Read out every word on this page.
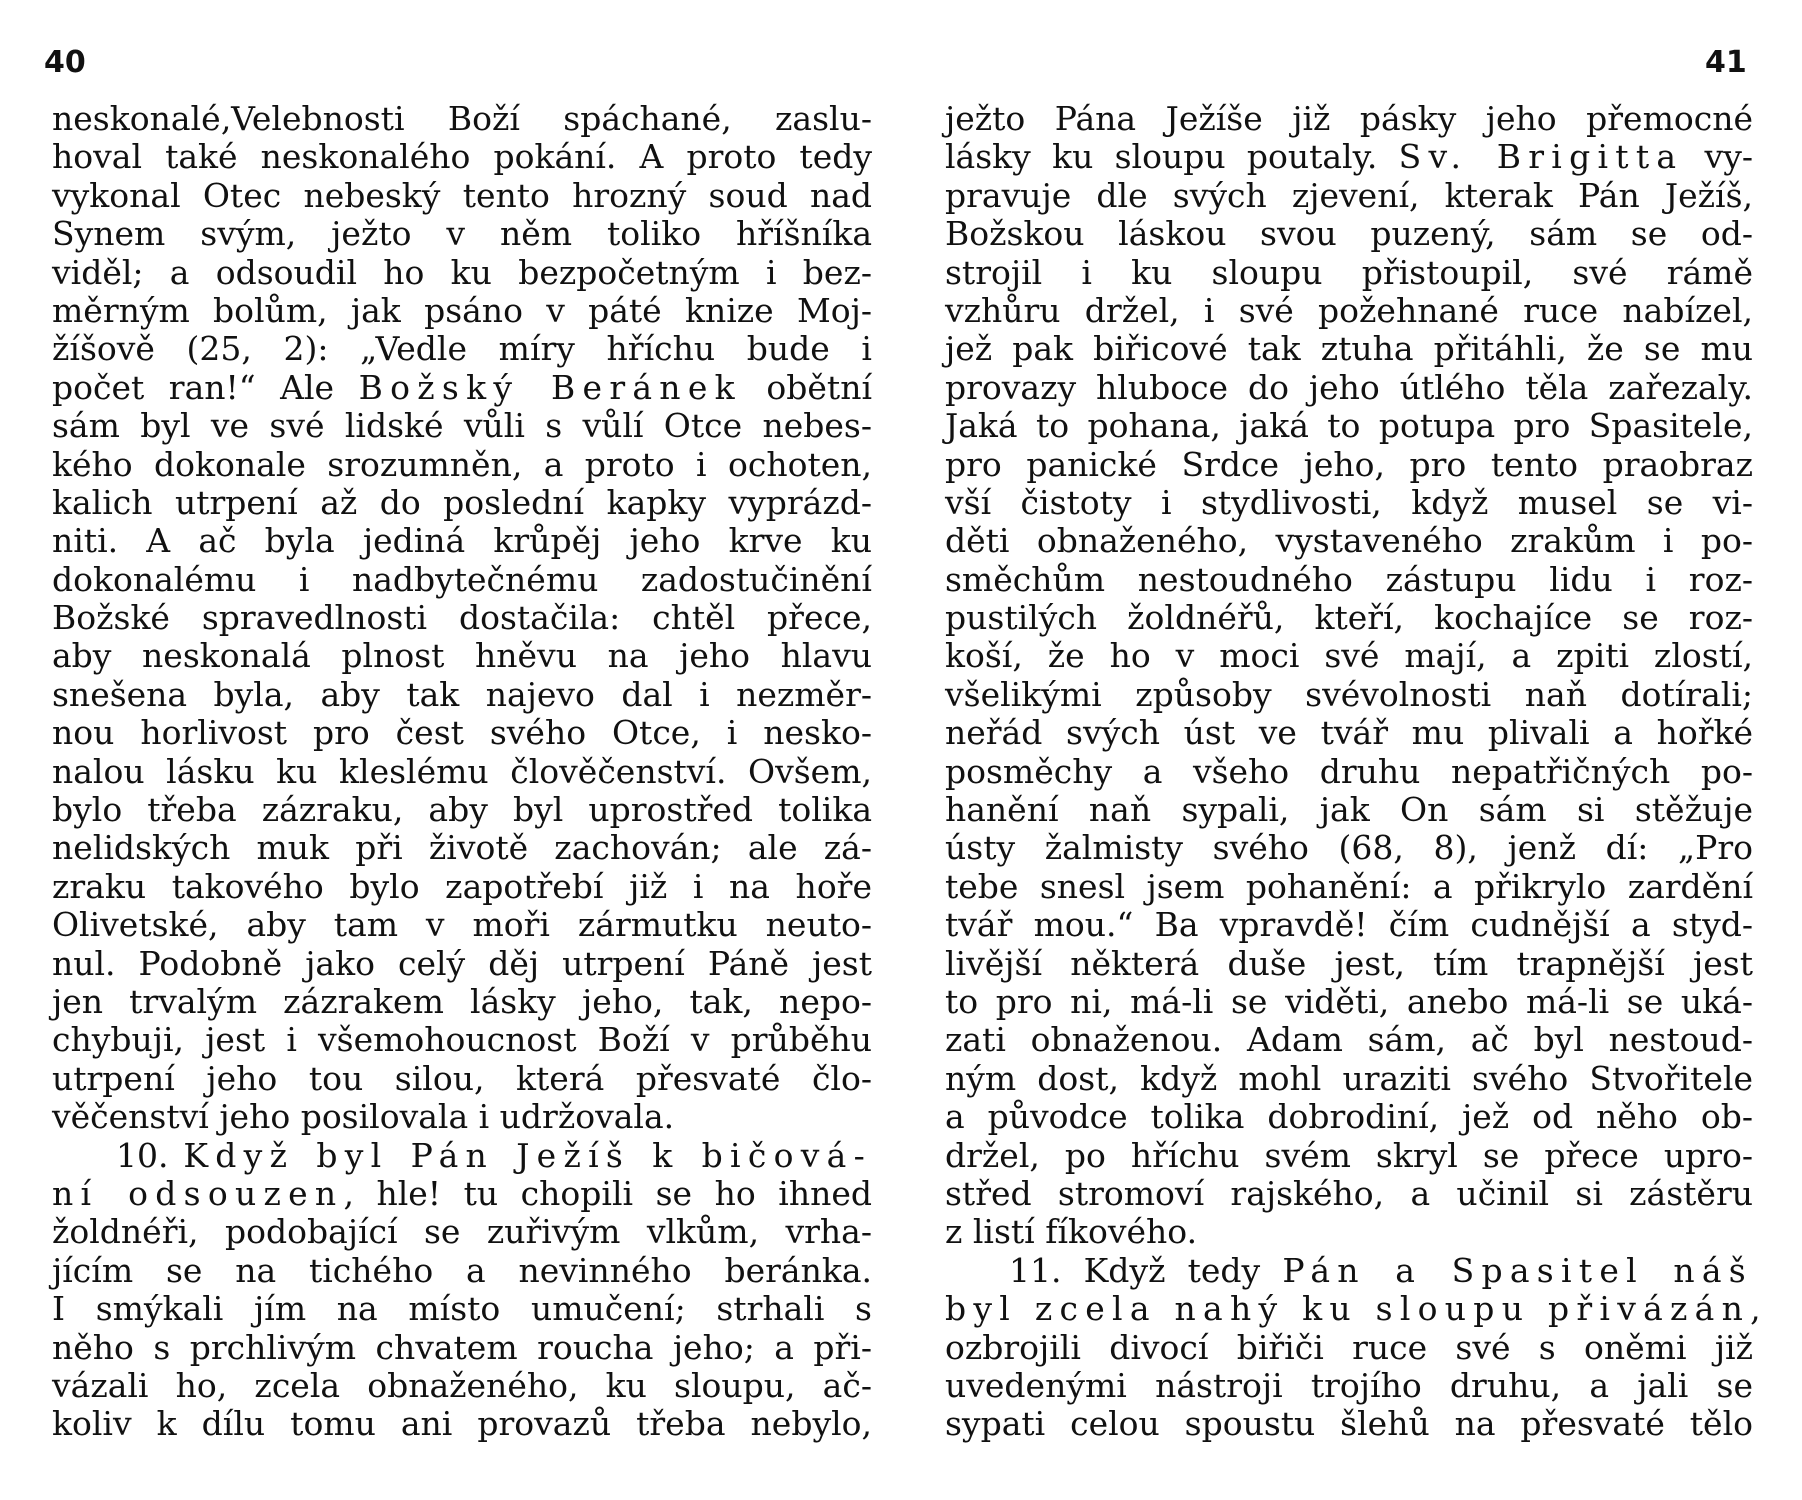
40	41
neskonalé‚Velebnosti Boží spáchané, zaslu-
hoval také neskonalého pokání. A proto tedy
vykonal Otec nebeský tento hrozný soud nad
Synem svým, ježto v něm toliko hříšníka
viděl; a odsoudil ho ku bezpočetným i bez-
měrným bolům, jak psáno v páté knize Moj-
žíšově (25, 2): „Vedle míry hříchu bude i
počet ran!“ Ale Božský Beránek obětní
sám byl ve své lidské vůli s vůlí Otce nebes-
kého dokonale srozumněn, a proto i ochoten,
kalich utrpení až do poslední kapky vyprázd-
niti. A ač byla jediná krůpěj jeho krve ku
dokonalému i nadbytečnému zadostučinění
Božské spravedlnosti dostačila: chtěl přece,
aby neskonalá plnost hněvu na jeho hlavu
snešena byla, aby tak najevo dal i nezměr-
nou horlivost pro čest svého Otce, i nesko-
nalou lásku ku kleslému člověčenství. Ovšem,
bylo třeba zázraku, aby byl uprostřed tolika
nelidských muk při životě zachován; ale zá-
zraku takového bylo zapotřebí již i na hoře
Olivetské, aby tam v moři zármutku neuto-
nul. Podobně jako celý děj utrpení Páně jest
jen trvalým zázrakem lásky jeho, tak, nepo-
chybuji, jest i všemohoucnost Boží v průběhu
utrpení jeho tou silou, která přesvaté člo-
věčenství jeho posilovala i udržovala.
10. Když byl Pán Ježíš k bičová-
ní odsouzen, hle! tu chopili se ho ihned
žoldnéři, podobající se zuřivým vlkům, vrha-
jícím se na tichého a nevinného beránka.
I smýkali jím na místo umučení; strhali s
něho s prchlivým chvatem roucha jeho; a při-
vázali ho, zcela obnaženého, ku sloupu, ač-
koliv k dílu tomu ani provazů třeba nebylo,
ježto Pána Ježíše již pásky jeho přemocné
lásky ku sloupu poutaly. Sv. Brigitta vy-
pravuje dle svých zjevení, kterak Pán Ježíš,
Božskou láskou svou puzený, sám se od-
strojil i ku sloupu přistoupil, své rámě
vzhůru držel, i své požehnané ruce nabízel,
jež pak biřicové tak ztuha přitáhli, že se mu
provazy hluboce do jeho útlého těla zařezaly.
Jaká to pohana, jaká to potupa pro Spasitele,
pro panické Srdce jeho, pro tento praobraz
vší čistoty i stydlivosti, když musel se vi-
děti obnaženého, vystaveného zrakům i po-
směchům nestoudného zástupu lidu i roz-
pustilých žoldnéřů, kteří, kochajíce se roz-
koší, že ho v moci své mají, a zpiti zlostí,
všelikými způsoby svévolnosti naň dotírali;
neřád svých úst ve tvář mu plivali a hořké
posměchy a všeho druhu nepatřičných po-
hanění naň sypali, jak On sám si stěžuje
ústy žalmisty svého (68, 8), jenž dí: „Pro
tebe snesl jsem pohanění: a přikrylo zardění
tvář mou.“ Ba vpravdě! čím cudnější a styd-
livější některá duše jest, tím trapnější jest
to pro ni, má-li se viděti, anebo má-li se uká-
zati obnaženou. Adam sám, ač byl nestoud-
ným dost, když mohl uraziti svého Stvořitele
a původce tolika dobrodiní, jež od něho ob-
držel, po hříchu svém skryl se přece upro-
střed stromoví rajského, a učinil si zástěru
z listí fíkového.
11. Když tedy Pán a Spasitel náš
byl zcela nahý ku sloupu přivázán,
ozbrojili divocí biřiči ruce své s oněmi již
uvedenými nástroji trojího druhu, a jali se
sypati celou spoustu šlehů na přesvaté tělo
